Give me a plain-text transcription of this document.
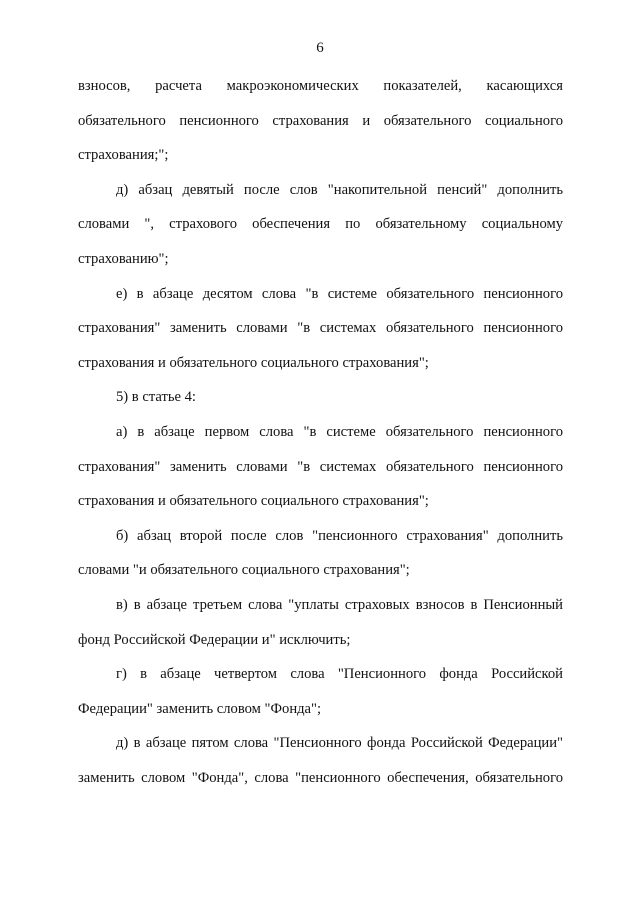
6
взносов, расчета макроэкономических показателей, касающихся
обязательного пенсионного страхования и обязательного социального
страхования;";
д) абзац девятый после слов "накопительной пенсий" дополнить
словами ", страхового обеспечения по обязательному социальному
страхованию";
е) в абзаце десятом слова "в системе обязательного пенсионного
страхования" заменить словами "в системах обязательного пенсионного
страхования и обязательного социального страхования";
5) в статье 4:
а) в абзаце первом слова "в системе обязательного пенсионного
страхования" заменить словами "в системах обязательного пенсионного
страхования и обязательного социального страхования";
б) абзац второй после слов "пенсионного страхования" дополнить
словами "и обязательного социального страхования";
в) в абзаце третьем слова "уплаты страховых взносов в Пенсионный
фонд Российской Федерации и" исключить;
г) в абзаце четвертом слова "Пенсионного фонда Российской
Федерации" заменить словом "Фонда";
д) в абзаце пятом слова "Пенсионного фонда Российской Федерации"
заменить словом "Фонда", слова "пенсионного обеспечения, обязательного
